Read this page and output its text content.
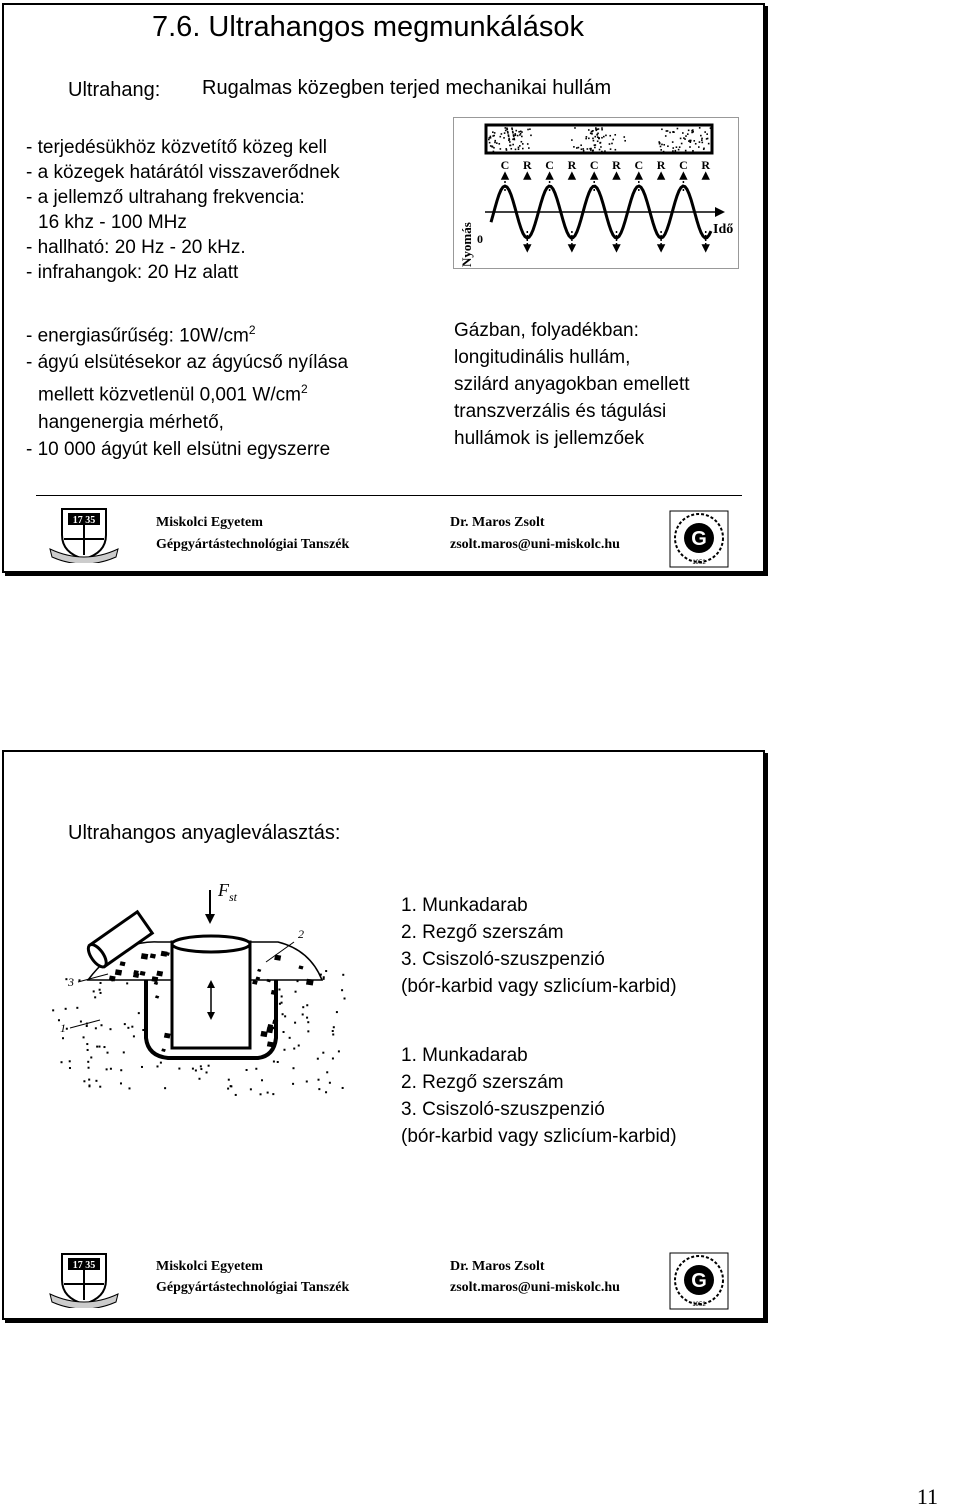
7.6. Ultrahangos megmunkálások
Ultrahang: Rugalmas közegben terjed mechanikai hullám
- terjedésükhöz közvetítő közeg kell
- a közegek határától visszaverődnek
- a jellemző ultrahang frekvencia:
16 khz - 100 MHz
- hallható: 20 Hz - 20 kHz.
- infrahangok: 20 Hz alatt
C R C R C R C R C R
Nyomás 0
Idő
- energiasűrűség: $10W/cm^2$
- ágyú elsütésekor az ágyúcső nyílása
mellett közvetlenül 0,001 $W/cm^2$
hangenergia mérhető,
- 10 000 ágyút kell elsütni egyszerre
Gázban, folyadékban:
longitudinális hullám,
szilárd anyagokban emellett
transzverzális és tágulási
hullámok is jellemzőek
17 35	Miskolci Egyetem
Gépgyártástechnológiai Tanszék
Dr. Maros Zsolt
zsolt.maros@uni-miskolc.hu	G
1952
Ultrahangos anyagleválasztás:
$F_{st}$
2
3
1
1. Munkadarab
2. Rezgő szerszám
3. Csiszoló-szuszpenzió
(bór-karbid vagy szlicíum-karbid)
1. Munkadarab
2. Rezgő szerszám
3. Csiszoló-szuszpenzió
(bór-karbid vagy szlicíum-karbid)
17 35	Miskolci Egyetem
Gépgyártástechnológiai Tanszék
Dr. Maros Zsolt
zsolt.maros@uni-miskolc.hu	G
1952
11
